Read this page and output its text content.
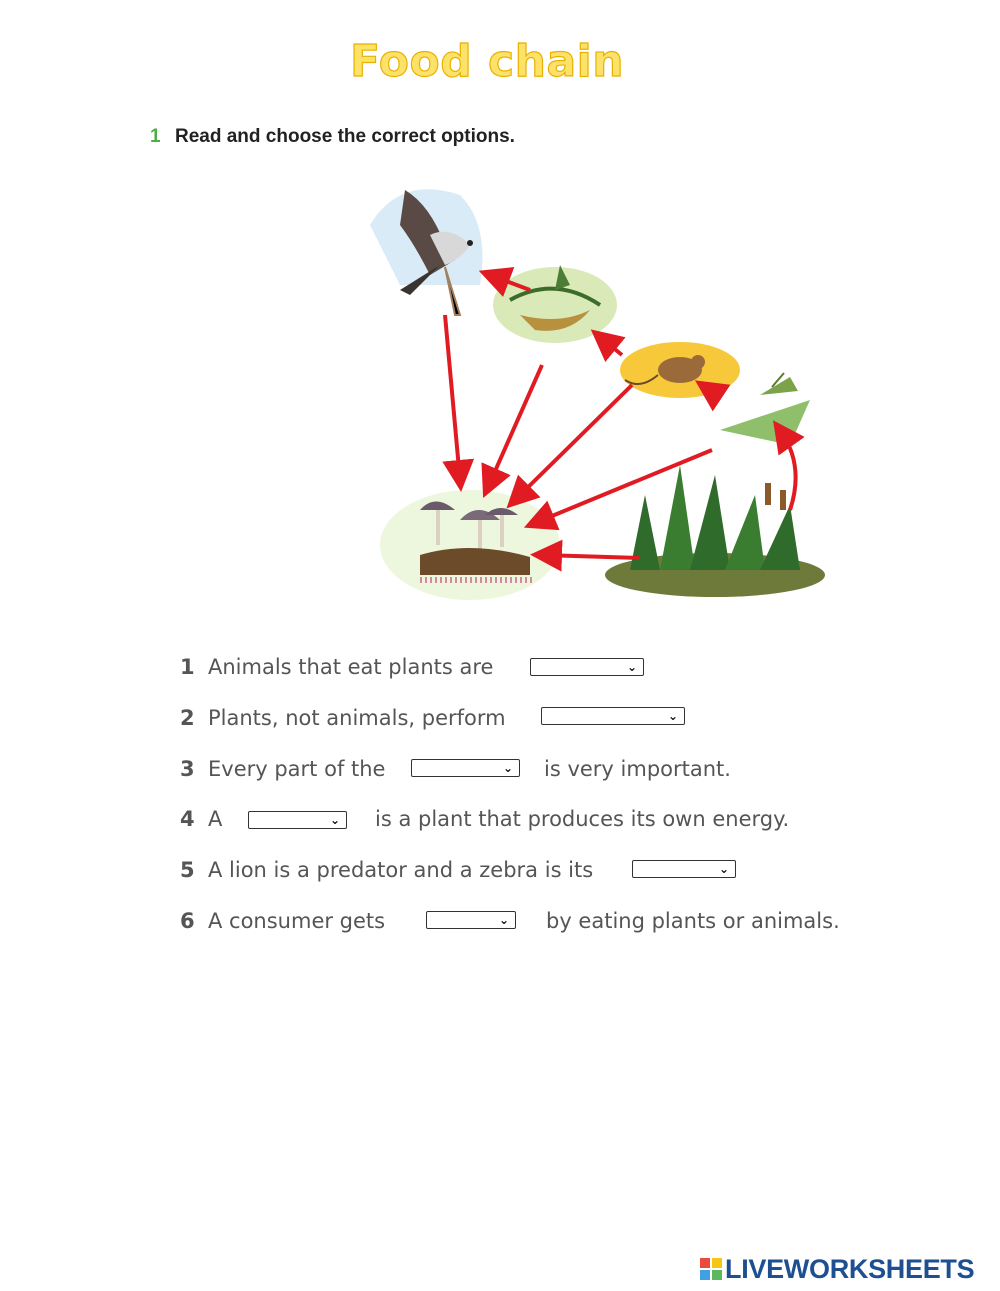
Food chain
1 Read and choose the correct options.
1 Animals that eat plants are	⌄
2 Plants, not animals, perform	⌄
3 Every part of the	is very important.
⌄
4 A	is a plant that produces its own energy.
⌄
5 A lion is a predator and a zebra is its	⌄
6 A consumer gets	by eating plants or animals.
⌄
LIVEWORKSHEETS
